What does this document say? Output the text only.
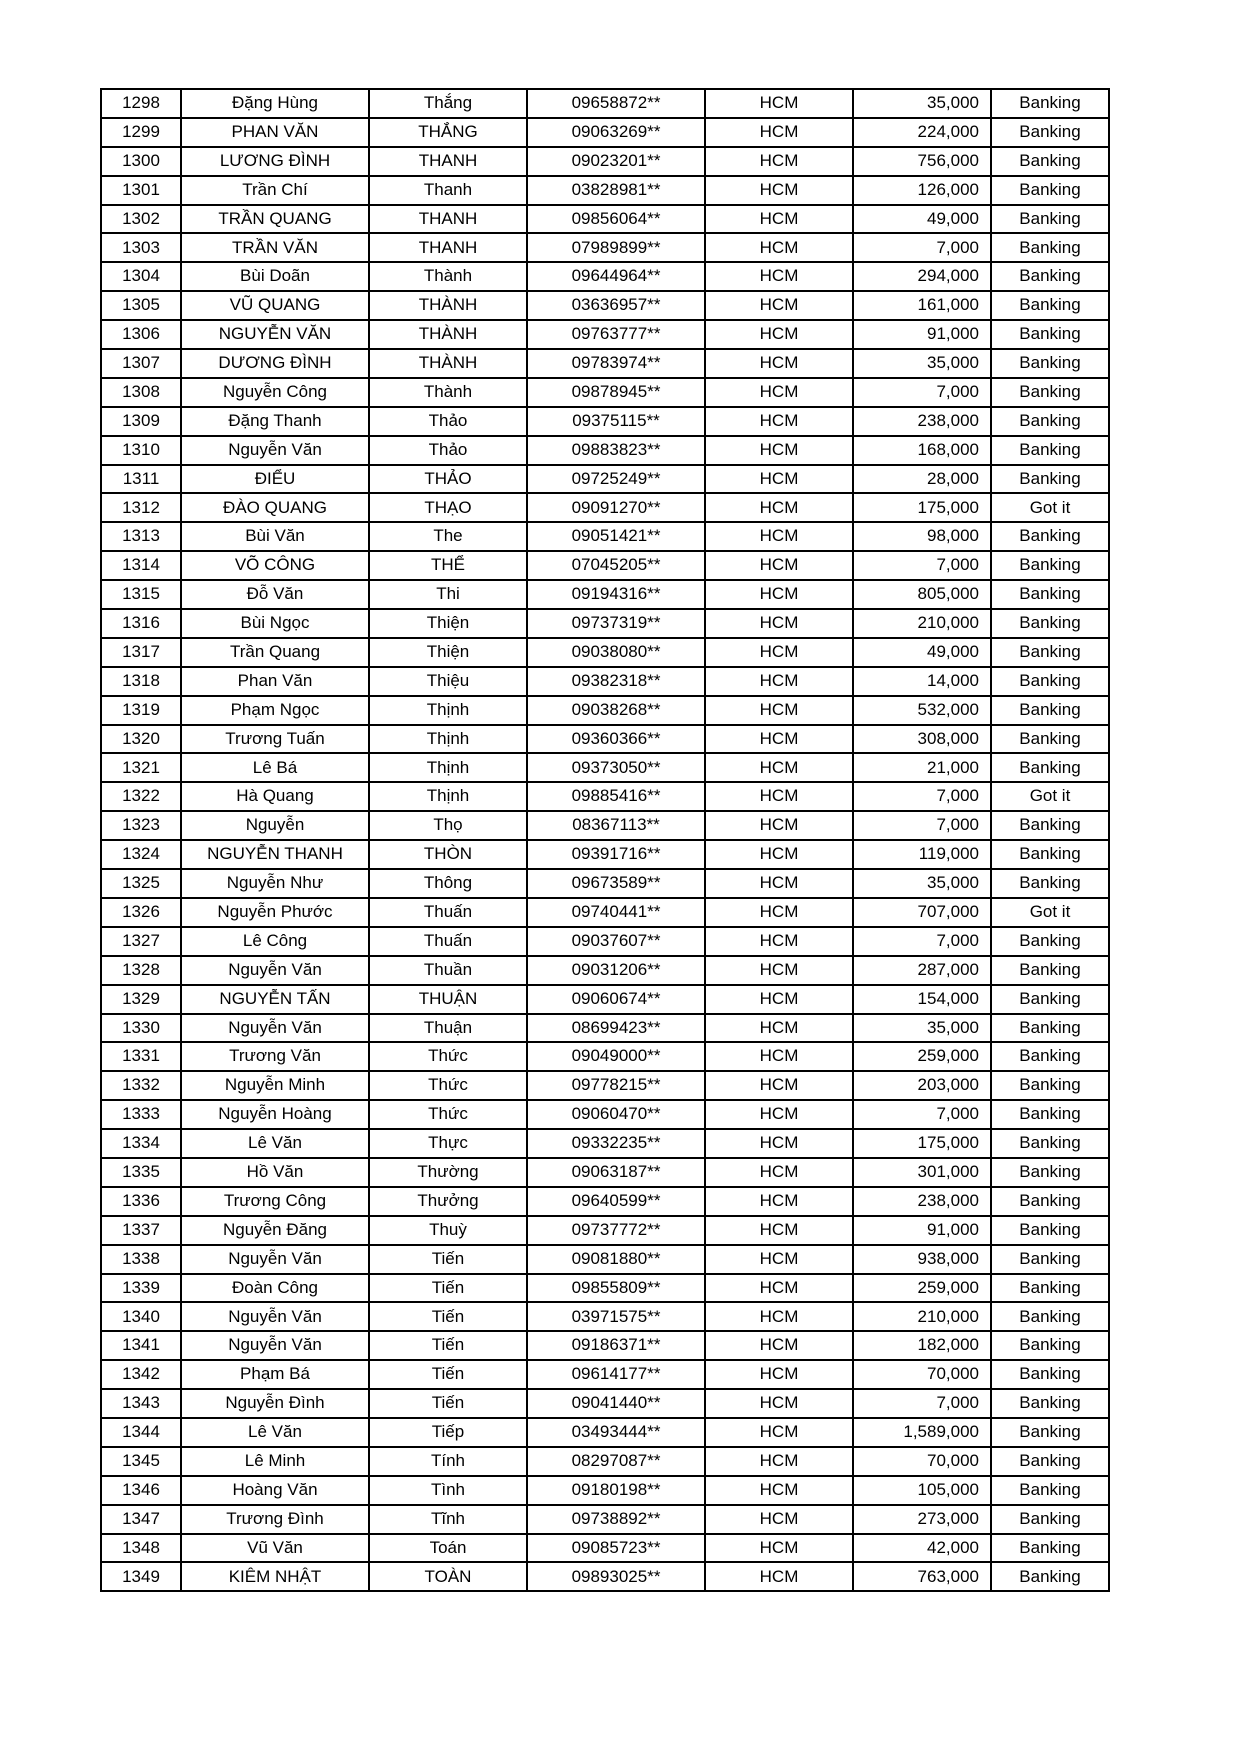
1298	Đặng Hùng	Thắng	09658872**	HCM	35,000	Banking
1299	PHAN VĂN	THẮNG	09063269**	HCM	224,000	Banking
1300	LƯƠNG ĐÌNH	THANH	09023201**	HCM	756,000	Banking
1301	Trần Chí	Thanh	03828981**	HCM	126,000	Banking
1302	TRẦN QUANG	THANH	09856064**	HCM	49,000	Banking
1303	TRẦN VĂN	THANH	07989899**	HCM	7,000	Banking
1304	Bùi Doãn	Thành	09644964**	HCM	294,000	Banking
1305	VŨ QUANG	THÀNH	03636957**	HCM	161,000	Banking
1306	NGUYỄN VĂN	THÀNH	09763777**	HCM	91,000	Banking
1307	DƯƠNG ĐÌNH	THÀNH	09783974**	HCM	35,000	Banking
1308	Nguyễn Công	Thành	09878945**	HCM	7,000	Banking
1309	Đặng Thanh	Thảo	09375115**	HCM	238,000	Banking
1310	Nguyễn Văn	Thảo	09883823**	HCM	168,000	Banking
1311	ĐIỂU	THẢO	09725249**	HCM	28,000	Banking
1312	ĐÀO QUANG	THẠO	09091270**	HCM	175,000	Got it
1313	Bùi Văn	The	09051421**	HCM	98,000	Banking
1314	VÕ CÔNG	THỂ	07045205**	HCM	7,000	Banking
1315	Đỗ Văn	Thi	09194316**	HCM	805,000	Banking
1316	Bùi Ngọc	Thiện	09737319**	HCM	210,000	Banking
1317	Trần Quang	Thiện	09038080**	HCM	49,000	Banking
1318	Phan Văn	Thiệu	09382318**	HCM	14,000	Banking
1319	Phạm Ngọc	Thịnh	09038268**	HCM	532,000	Banking
1320	Trương Tuấn	Thịnh	09360366**	HCM	308,000	Banking
1321	Lê Bá	Thịnh	09373050**	HCM	21,000	Banking
1322	Hà Quang	Thịnh	09885416**	HCM	7,000	Got it
1323	Nguyễn	Thọ	08367113**	HCM	7,000	Banking
1324	NGUYỄN THANH	THÒN	09391716**	HCM	119,000	Banking
1325	Nguyễn Như	Thông	09673589**	HCM	35,000	Banking
1326	Nguyễn Phước	Thuấn	09740441**	HCM	707,000	Got it
1327	Lê Công	Thuấn	09037607**	HCM	7,000	Banking
1328	Nguyễn Văn	Thuần	09031206**	HCM	287,000	Banking
1329	NGUYỄN TẤN	THUẬN	09060674**	HCM	154,000	Banking
1330	Nguyễn Văn	Thuận	08699423**	HCM	35,000	Banking
1331	Trương Văn	Thức	09049000**	HCM	259,000	Banking
1332	Nguyễn Minh	Thức	09778215**	HCM	203,000	Banking
1333	Nguyễn Hoàng	Thức	09060470**	HCM	7,000	Banking
1334	Lê Văn	Thực	09332235**	HCM	175,000	Banking
1335	Hồ Văn	Thường	09063187**	HCM	301,000	Banking
1336	Trương Công	Thưởng	09640599**	HCM	238,000	Banking
1337	Nguyễn Đăng	Thuỳ	09737772**	HCM	91,000	Banking
1338	Nguyễn Văn	Tiến	09081880**	HCM	938,000	Banking
1339	Đoàn Công	Tiến	09855809**	HCM	259,000	Banking
1340	Nguyễn Văn	Tiến	03971575**	HCM	210,000	Banking
1341	Nguyễn Văn	Tiến	09186371**	HCM	182,000	Banking
1342	Phạm Bá	Tiến	09614177**	HCM	70,000	Banking
1343	Nguyễn Đình	Tiến	09041440**	HCM	7,000	Banking
1344	Lê Văn	Tiếp	03493444**	HCM	1,589,000	Banking
1345	Lê Minh	Tính	08297087**	HCM	70,000	Banking
1346	Hoàng Văn	Tình	09180198**	HCM	105,000	Banking
1347	Trương Đình	Tĩnh	09738892**	HCM	273,000	Banking
1348	Vũ Văn	Toán	09085723**	HCM	42,000	Banking
1349	KIÊM NHẬT	TOÀN	09893025**	HCM	763,000	Banking
